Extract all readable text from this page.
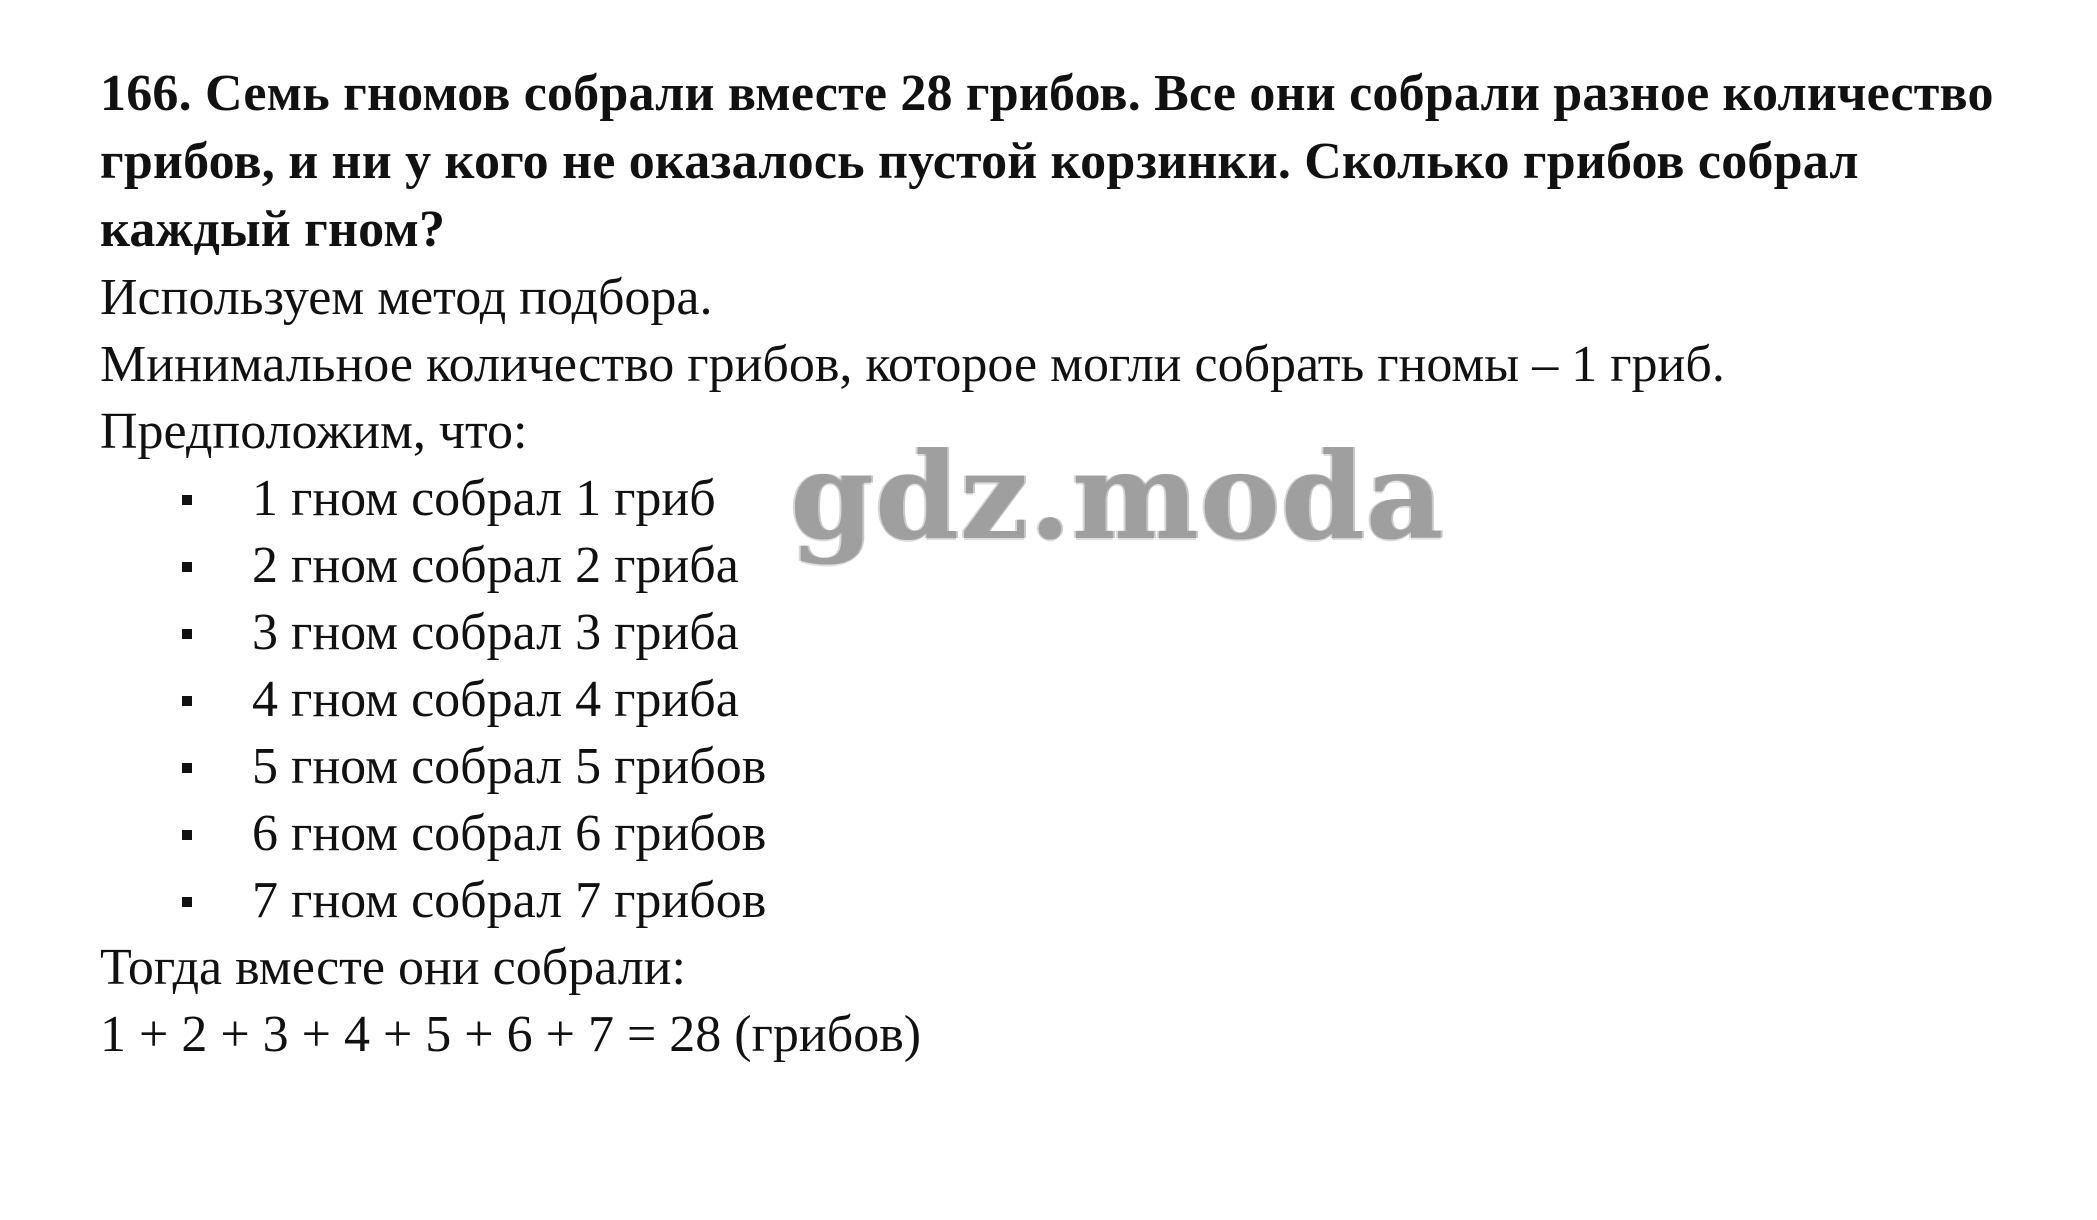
166. Семь гномов собрали вместе 28 грибов. Все они собрали разное количество грибов, и ни у кого не оказалось пустой корзинки. Сколько грибов собрал каждый гном?

Используем метод подбора.

Минимальное количество грибов, которое могли собрать гномы – 1 гриб.

Предположим, что:

1 гном собрал 1 гриб
2 гном собрал 2 гриба
3 гном собрал 3 гриба
4 гном собрал 4 гриба
5 гном собрал 5 грибов
6 гном собрал 6 грибов
7 гном собрал 7 грибов

Тогда вместе они собрали:

1 + 2 + 3 + 4 + 5 + 6 + 7 = 28 (грибов)

gdz.moda
